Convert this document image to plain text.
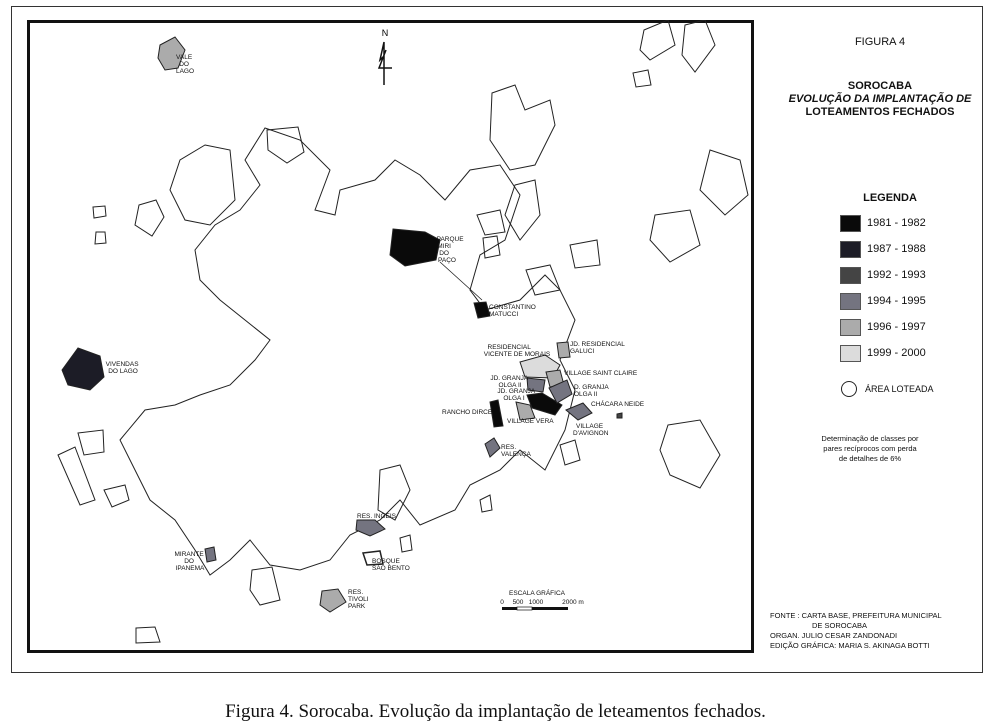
N
VALE DO LAGO
PARQUE MIRI DO PAÇO
VIVENDAS DO LAGO
CONSTANTINO MATUCCI
JD. RESIDENCIAL GALUCI
RESIDENCIAL VICENTE DE MORAIS
VILLAGE SAINT CLAIRE
JD. GRANJA OLGA II
JD. GRANJA OLGA I
D. GRANJA OLGA II
RANCHO DIRCE
CHÁCARA NEIDE
VILLAGE VERA
VILLAGE D'AVIGNON
RES. VALENÇA
RES. INGEIS
MIRANTE DO IPANEMA
BOSQUE SÃO BENTO
RES. TIVOLI PARK
ESCALA GRÁFICA
0 500 1000	2000 m
FIGURA 4
SOROCABA
EVOLUÇÃO DA IMPLANTAÇÃO DE
LOTEAMENTOS FECHADOS
LEGENDA
1981 - 1982
1987 - 1988
1992 - 1993
1994 - 1995
1996 - 1997
1999 - 2000
ÁREA LOTEADA
Determinação de classes por
pares recíprocos com perda
de detalhes de 6%
FONTE : CARTA BASE, PREFEITURA MUNICIPAL
DE SOROCABA
ORGAN. JULIO CESAR ZANDONADI
EDIÇÃO GRÁFICA: MARIA S. AKINAGA BOTTI
Figura 4. Sorocaba. Evolução da implantação de leteamentos fechados.
